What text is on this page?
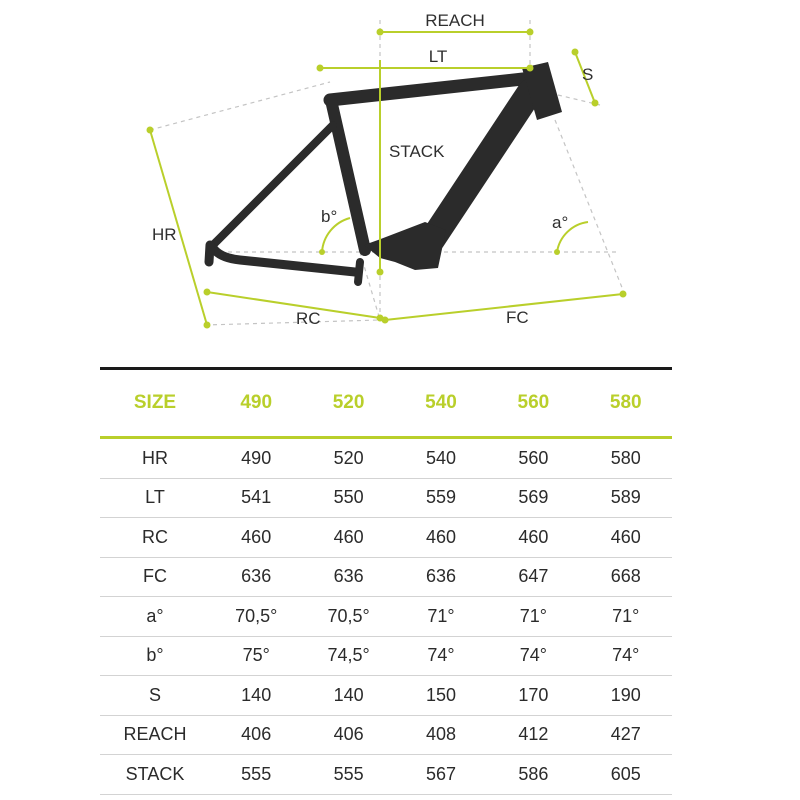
REACH
LT
S
STACK
HR
b°	a°
RC	FC
SIZE	490	520	540	560	580
HR	490	520	540	560	580
LT	541	550	559	569	589
RC	460	460	460	460	460
FC	636	636	636	647	668
a°	70,5°	70,5°	71°	71°	71°
b°	75°	74,5°	74°	74°	74°
S	140	140	150	170	190
REACH	406	406	408	412	427
STACK	555	555	567	586	605
